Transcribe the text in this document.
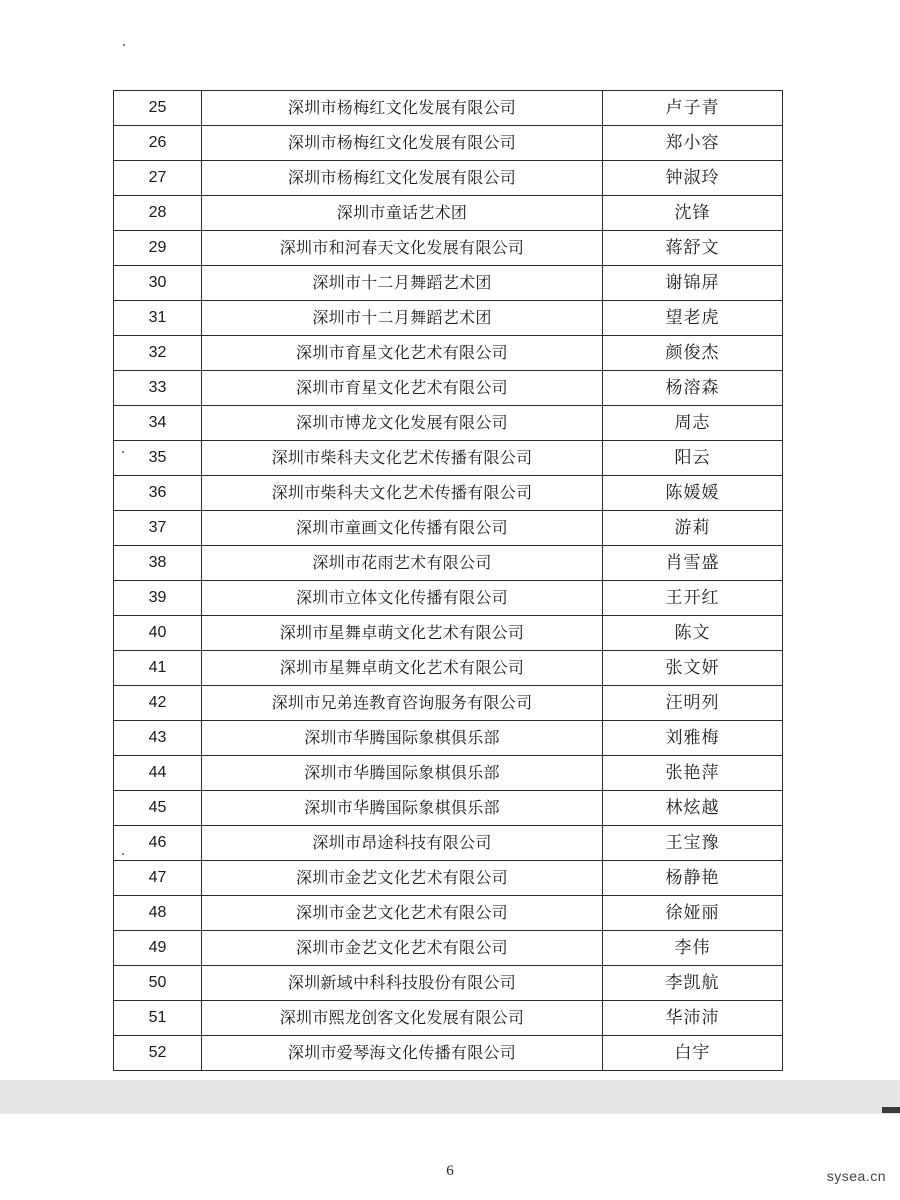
25	深圳市杨梅红文化发展有限公司	卢子青
26	深圳市杨梅红文化发展有限公司	郑小容
27	深圳市杨梅红文化发展有限公司	钟淑玲
28	深圳市童话艺术团	沈锋
29	深圳市和河春天文化发展有限公司	蒋舒文
30	深圳市十二月舞蹈艺术团	谢锦屏
31	深圳市十二月舞蹈艺术团	望老虎
32	深圳市育星文化艺术有限公司	颜俊杰
33	深圳市育星文化艺术有限公司	杨溶森
34	深圳市博龙文化发展有限公司	周志
35	深圳市柴科夫文化艺术传播有限公司	阳云
36	深圳市柴科夫文化艺术传播有限公司	陈媛媛
37	深圳市童画文化传播有限公司	游莉
38	深圳市花雨艺术有限公司	肖雪盛
39	深圳市立体文化传播有限公司	王开红
40	深圳市星舞卓萌文化艺术有限公司	陈文
41	深圳市星舞卓萌文化艺术有限公司	张文妍
42	深圳市兄弟连教育咨询服务有限公司	汪明列
43	深圳市华腾国际象棋俱乐部	刘雅梅
44	深圳市华腾国际象棋俱乐部	张艳萍
45	深圳市华腾国际象棋俱乐部	林炫越
46	深圳市昂途科技有限公司	王宝豫
47	深圳市金艺文化艺术有限公司	杨静艳
48	深圳市金艺文化艺术有限公司	徐娅丽
49	深圳市金艺文化艺术有限公司	李伟
50	深圳新域中科科技股份有限公司	李凯航
51	深圳市熙龙创客文化发展有限公司	华沛沛
52	深圳市爱琴海文化传播有限公司	白宇
6	sysea.cn
